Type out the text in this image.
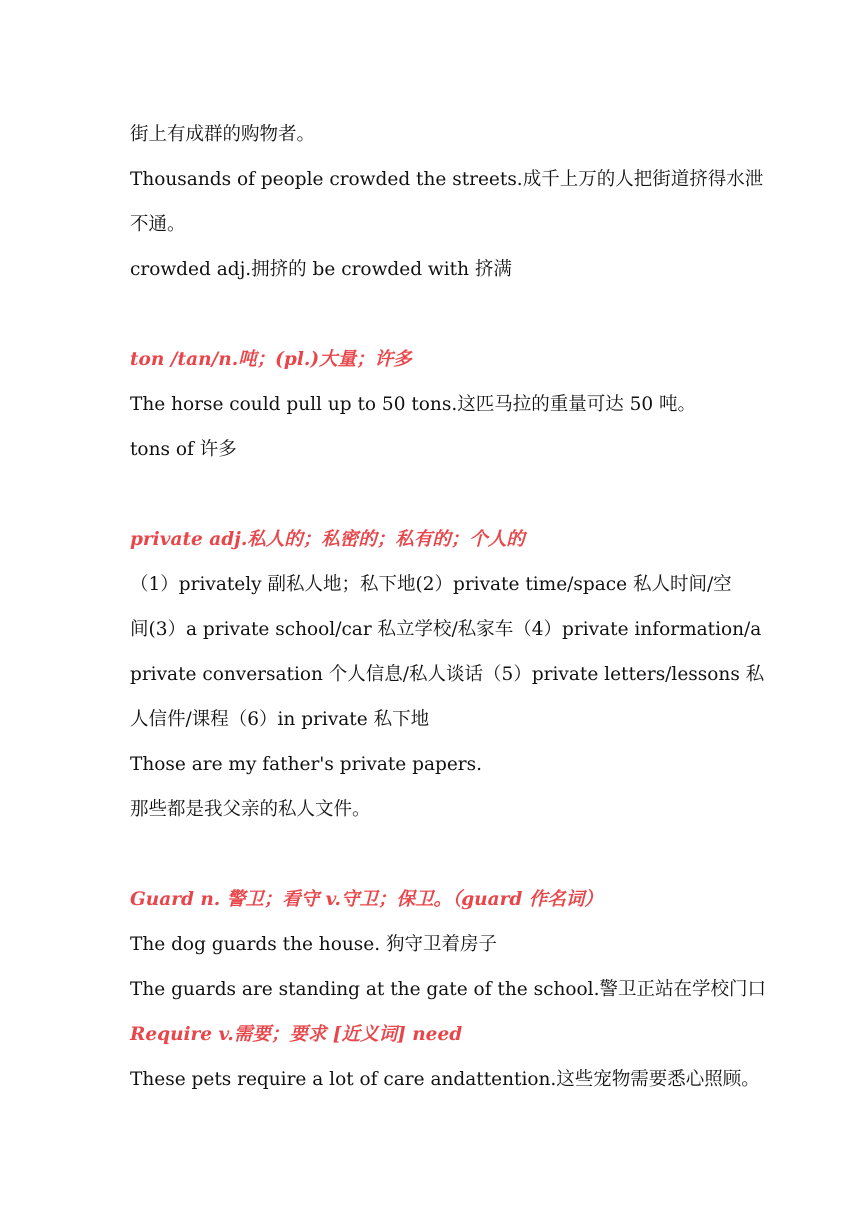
街上有成群的购物者。
Thousands of people crowded the streets.成千上万的人把街道挤得水泄
不通。
crowded adj.拥挤的 be crowded with 挤满
ton /tan/n.吨；(pl.)大量；许多
The horse could pull up to 50 tons.这匹马拉的重量可达 50 吨。
tons of 许多
private adj.私人的；私密的；私有的；个人的
（1）privately 副私人地；私下地(2）private time/space 私人时间/空
间(3）a private school/car 私立学校/私家车（4）private information/a
private conversation 个人信息/私人谈话（5）private letters/lessons 私
人信件/课程（6）in private 私下地
Those are my father's private papers.
那些都是我父亲的私人文件。
Guard n. 警卫；看守 v.守卫；保卫。（guard 作名词）
The dog guards the house. 狗守卫着房子
The guards are standing at the gate of the school.警卫正站在学校门口
Require v.需要；要求 [近义词] need
These pets require a lot of care andattention.这些宠物需要悉心照顾。
